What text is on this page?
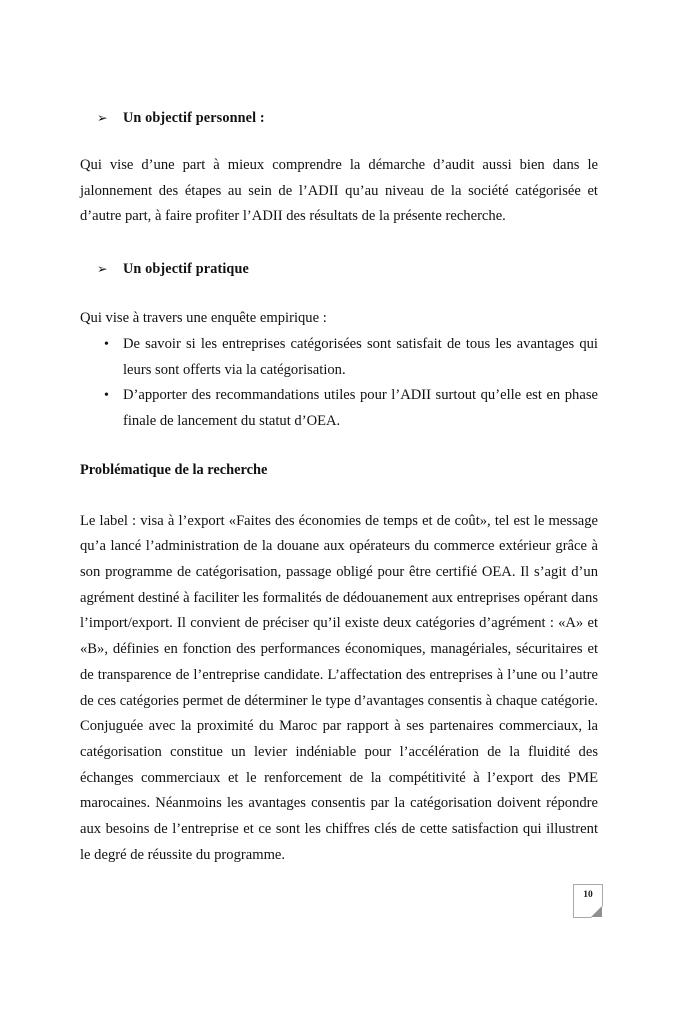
➢	Un objectif personnel :

Qui vise d’une part à mieux comprendre la démarche d’audit aussi bien dans le jalonnement des étapes au sein de l’ADII qu’au niveau de la société catégorisée et d’autre part, à faire profiter l’ADII des résultats de la présente recherche.

➢	Un objectif pratique

Qui vise à travers une enquête empirique :

• De savoir si les entreprises catégorisées sont satisfait de tous les avantages qui leurs sont offerts via la catégorisation.
• D’apporter des recommandations utiles pour l’ADII surtout qu’elle est en phase finale de lancement du statut d’OEA.

Problématique de la recherche

Le label : visa à l’export «Faites des économies de temps et de coût», tel est le message qu’a lancé l’administration de la douane aux opérateurs du commerce extérieur grâce à son programme de catégorisation, passage obligé pour être certifié OEA. Il s’agit d’un agrément destiné à faciliter les formalités de dédouanement aux entreprises opérant dans l’import/export. Il convient de préciser qu’il existe deux catégories d’agrément : «A» et «B», définies en fonction des performances économiques, managériales, sécuritaires et de transparence de l’entreprise candidate. L’affectation des entreprises à l’une ou l’autre de ces catégories permet de déterminer le type d’avantages consentis à chaque catégorie. Conjuguée avec la proximité du Maroc par rapport à ses partenaires commerciaux, la catégorisation constitue un levier indéniable pour l’accélération de la fluidité des échanges commerciaux et le renforcement de la compétitivité à l’export des PME marocaines. Néanmoins les avantages consentis par la catégorisation doivent répondre aux besoins de l’entreprise et ce sont les chiffres clés de cette satisfaction qui illustrent le degré de réussite du programme.

10
